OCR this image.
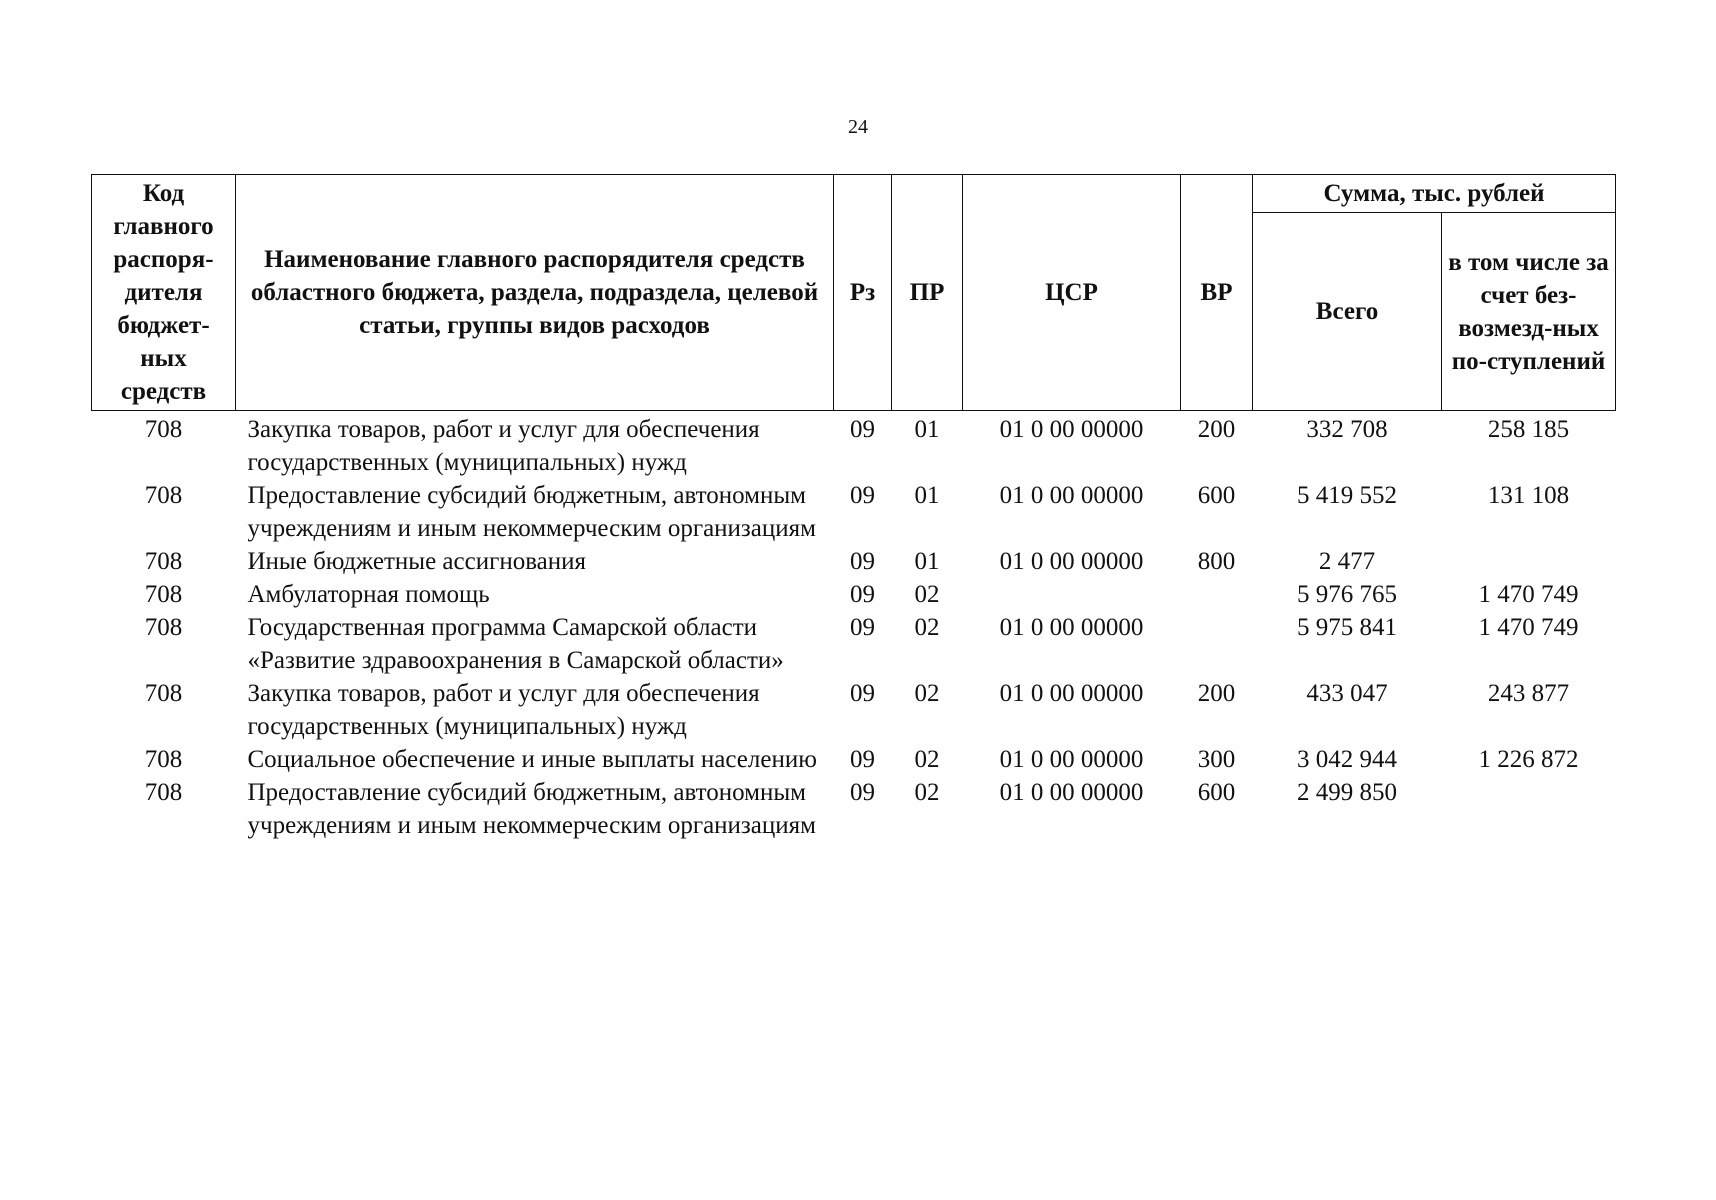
24
Код главного распоря-дителя бюджет-ных средств	Наименование главного распорядителя средств областного бюджета, раздела, подраздела, целевой статьи, группы видов расходов	Рз	ПР	ЦСР	ВР	Сумма, тыс. рублей	
						Всего	в том числе за счет без-возмезд-ных по-ступлений
708	Закупка товаров, работ и услуг для обеспечения государственных (муниципальных) нужд	09	01	01 0 00 00000	200	332 708	258 185
708	Предоставление субсидий бюджетным, автономным учреждениям и иным некоммерческим организациям	09	01	01 0 00 00000	600	5 419 552	131 108
708	Иные бюджетные ассигнования	09	01	01 0 00 00000	800	2 477	
708	Амбулаторная помощь	09	02			5 976 765	1 470 749
708	Государственная программа Самарской области «Развитие здравоохранения в Самарской области»	09	02	01 0 00 00000		5 975 841	1 470 749
708	Закупка товаров, работ и услуг для обеспечения государственных (муниципальных) нужд	09	02	01 0 00 00000	200	433 047	243 877
708	Социальное обеспечение и иные выплаты населению	09	02	01 0 00 00000	300	3 042 944	1 226 872
708	Предоставление субсидий бюджетным, автономным учреждениям и иным некоммерческим организациям	09	02	01 0 00 00000	600	2 499 850	
